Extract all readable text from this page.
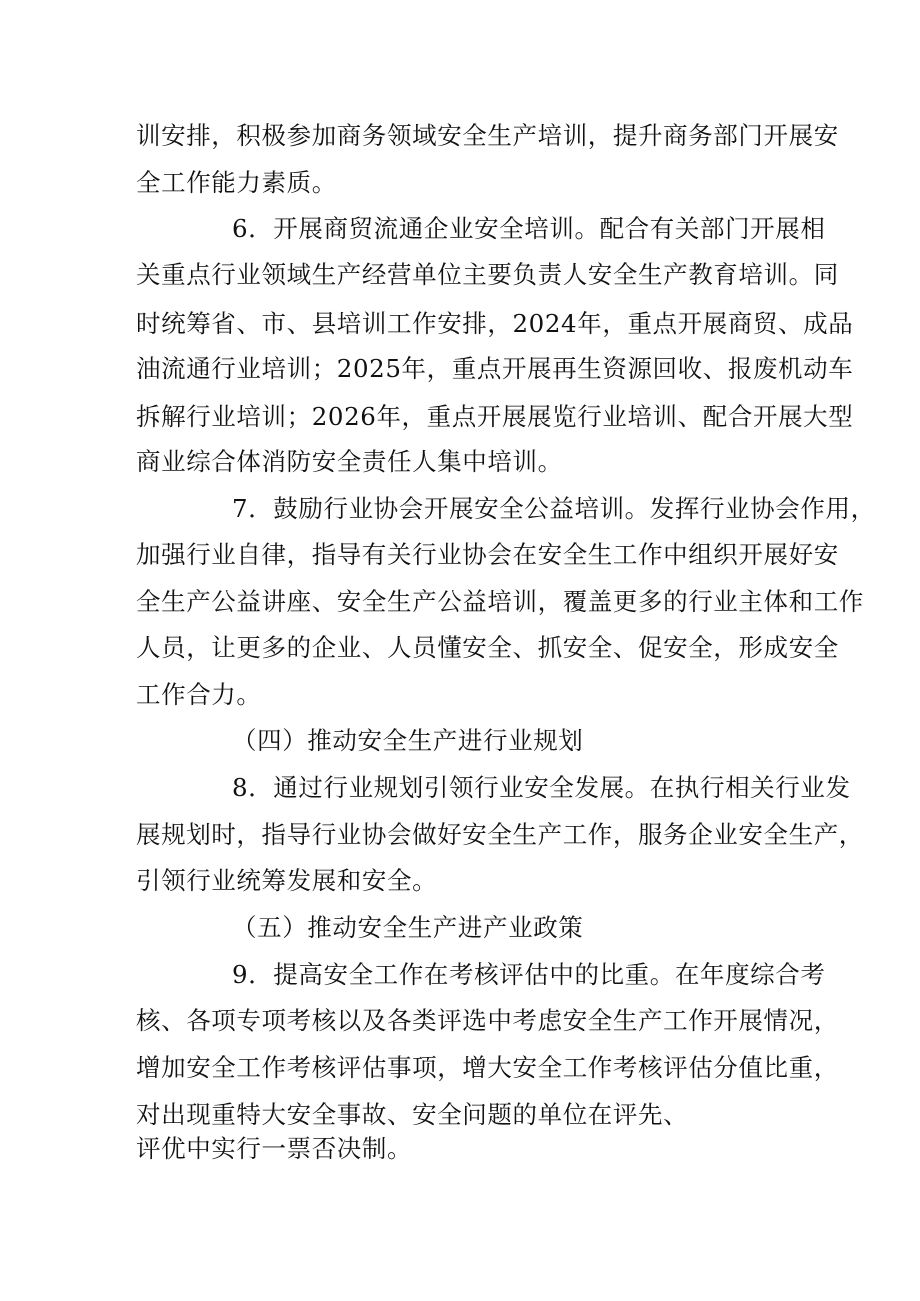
训安排，积极参加商务领域安全生产培训，提升商务部门开展安
全工作能力素质。
6．开展商贸流通企业安全培训。配合有关部门开展相
关重点行业领域生产经营单位主要负责人安全生产教育培训。同
时统筹省、市、县培训工作安排，2024年，重点开展商贸、成品
油流通行业培训；2025年，重点开展再生资源回收、报废机动车
拆解行业培训；2026年，重点开展展览行业培训、配合开展大型
商业综合体消防安全责任人集中培训。
7．鼓励行业协会开展安全公益培训。发挥行业协会作用，
加强行业自律，指导有关行业协会在安全生工作中组织开展好安
全生产公益讲座、安全生产公益培训，覆盖更多的行业主体和工作
人员，让更多的企业、人员懂安全、抓安全、促安全，形成安全
工作合力。
（四）推动安全生产进行业规划
8．通过行业规划引领行业安全发展。在执行相关行业发
展规划时，指导行业协会做好安全生产工作，服务企业安全生产，
引领行业统筹发展和安全。
（五）推动安全生产进产业政策
9．提高安全工作在考核评估中的比重。在年度综合考
核、各项专项考核以及各类评选中考虑安全生产工作开展情况，
增加安全工作考核评估事项，增大安全工作考核评估分值比重，
对出现重特大安全事故、安全问题的单位在评先、
评优中实行一票否决制。
